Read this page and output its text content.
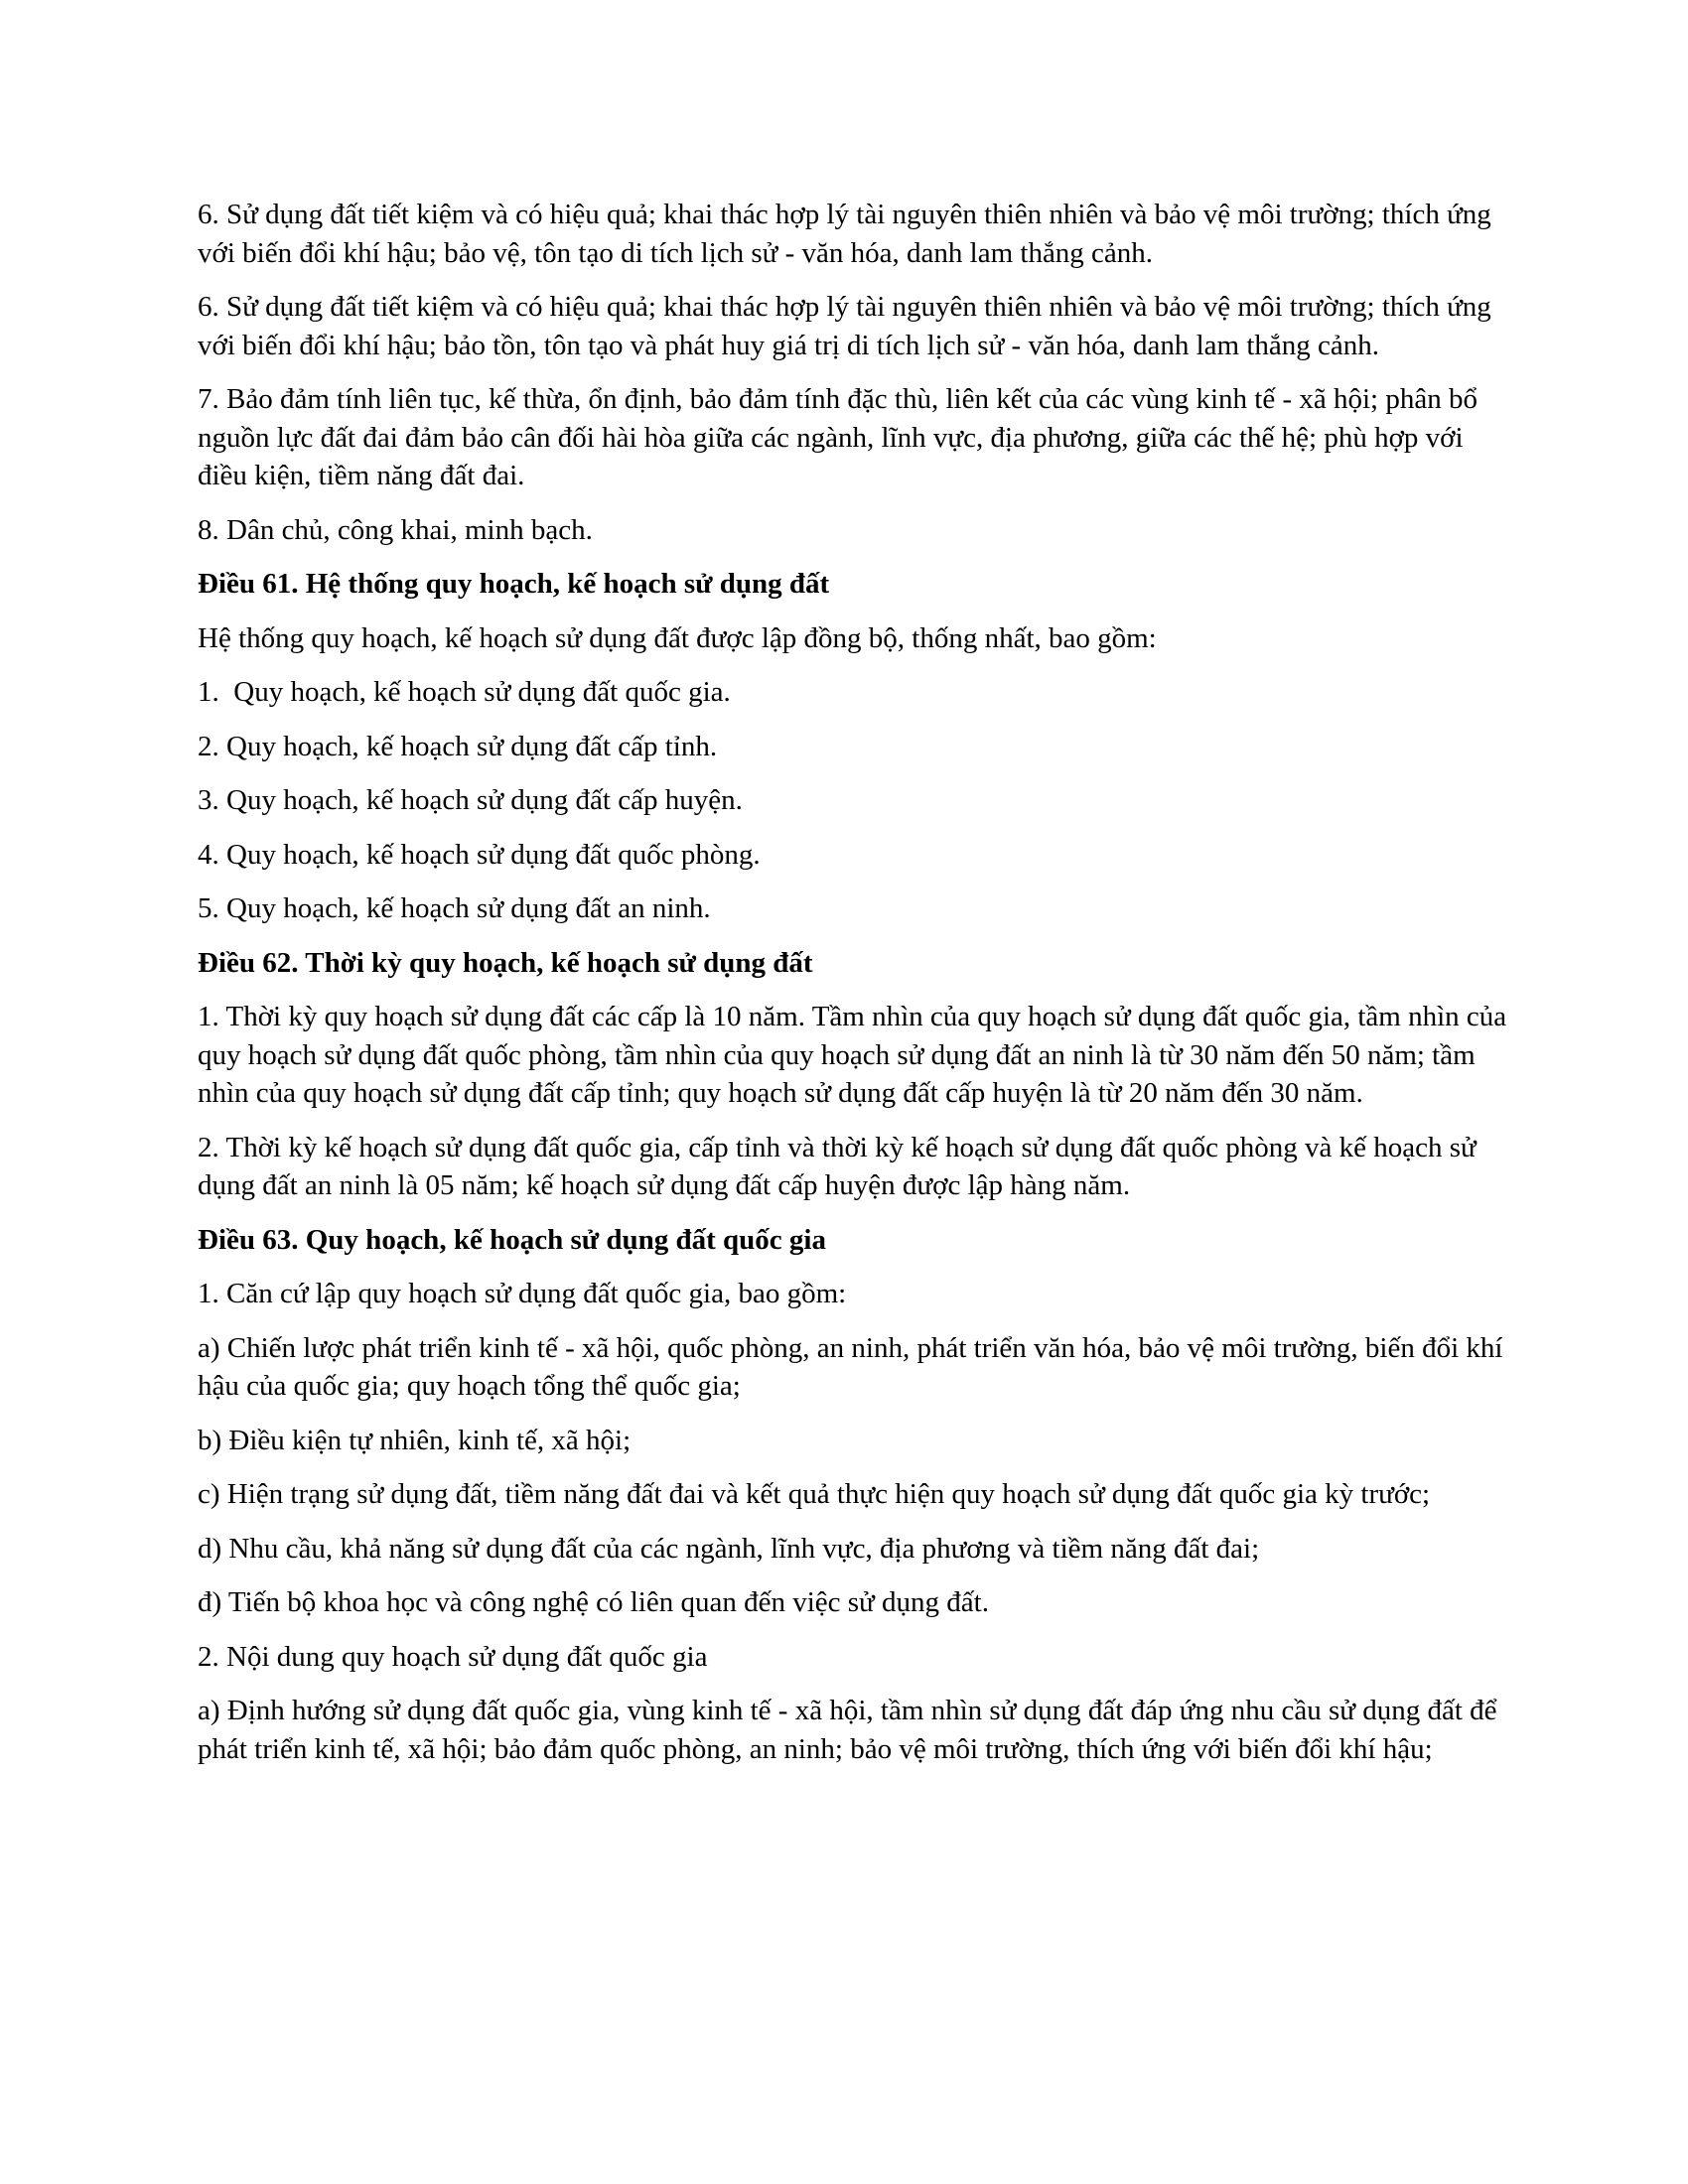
6. Sử dụng đất tiết kiệm và có hiệu quả; khai thác hợp lý tài nguyên thiên nhiên và bảo vệ môi trường; thích ứng với biến đổi khí hậu; bảo vệ, tôn tạo di tích lịch sử - văn hóa, danh lam thắng cảnh.

6. Sử dụng đất tiết kiệm và có hiệu quả; khai thác hợp lý tài nguyên thiên nhiên và bảo vệ môi trường; thích ứng với biến đổi khí hậu; bảo tồn, tôn tạo và phát huy giá trị di tích lịch sử - văn hóa, danh lam thắng cảnh.

7. Bảo đảm tính liên tục, kế thừa, ổn định, bảo đảm tính đặc thù, liên kết của các vùng kinh tế - xã hội; phân bổ nguồn lực đất đai đảm bảo cân đối hài hòa giữa các ngành, lĩnh vực, địa phương, giữa các thế hệ; phù hợp với điều kiện, tiềm năng đất đai.

8. Dân chủ, công khai, minh bạch.

Điều 61. Hệ thống quy hoạch, kế hoạch sử dụng đất

Hệ thống quy hoạch, kế hoạch sử dụng đất được lập đồng bộ, thống nhất, bao gồm:

1.  Quy hoạch, kế hoạch sử dụng đất quốc gia.

2. Quy hoạch, kế hoạch sử dụng đất cấp tỉnh.

3. Quy hoạch, kế hoạch sử dụng đất cấp huyện.

4. Quy hoạch, kế hoạch sử dụng đất quốc phòng.

5. Quy hoạch, kế hoạch sử dụng đất an ninh.

Điều 62. Thời kỳ quy hoạch, kế hoạch sử dụng đất

1. Thời kỳ quy hoạch sử dụng đất các cấp là 10 năm. Tầm nhìn của quy hoạch sử dụng đất quốc gia, tầm nhìn của quy hoạch sử dụng đất quốc phòng, tầm nhìn của quy hoạch sử dụng đất an ninh là từ 30 năm đến 50 năm; tầm nhìn của quy hoạch sử dụng đất cấp tỉnh; quy hoạch sử dụng đất cấp huyện là từ 20 năm đến 30 năm.

2. Thời kỳ kế hoạch sử dụng đất quốc gia, cấp tỉnh và thời kỳ kế hoạch sử dụng đất quốc phòng và kế hoạch sử dụng đất an ninh là 05 năm; kế hoạch sử dụng đất cấp huyện được lập hàng năm.

Điều 63. Quy hoạch, kế hoạch sử dụng đất quốc gia

1. Căn cứ lập quy hoạch sử dụng đất quốc gia, bao gồm:

a) Chiến lược phát triển kinh tế - xã hội, quốc phòng, an ninh, phát triển văn hóa, bảo vệ môi trường, biến đổi khí hậu của quốc gia; quy hoạch tổng thể quốc gia;

b) Điều kiện tự nhiên, kinh tế, xã hội;

c) Hiện trạng sử dụng đất, tiềm năng đất đai và kết quả thực hiện quy hoạch sử dụng đất quốc gia kỳ trước;

d) Nhu cầu, khả năng sử dụng đất của các ngành, lĩnh vực, địa phương và tiềm năng đất đai;

đ) Tiến bộ khoa học và công nghệ có liên quan đến việc sử dụng đất.

2. Nội dung quy hoạch sử dụng đất quốc gia

a) Định hướng sử dụng đất quốc gia, vùng kinh tế - xã hội, tầm nhìn sử dụng đất đáp ứng nhu cầu sử dụng đất để phát triển kinh tế, xã hội; bảo đảm quốc phòng, an ninh; bảo vệ môi trường, thích ứng với biến đổi khí hậu;
